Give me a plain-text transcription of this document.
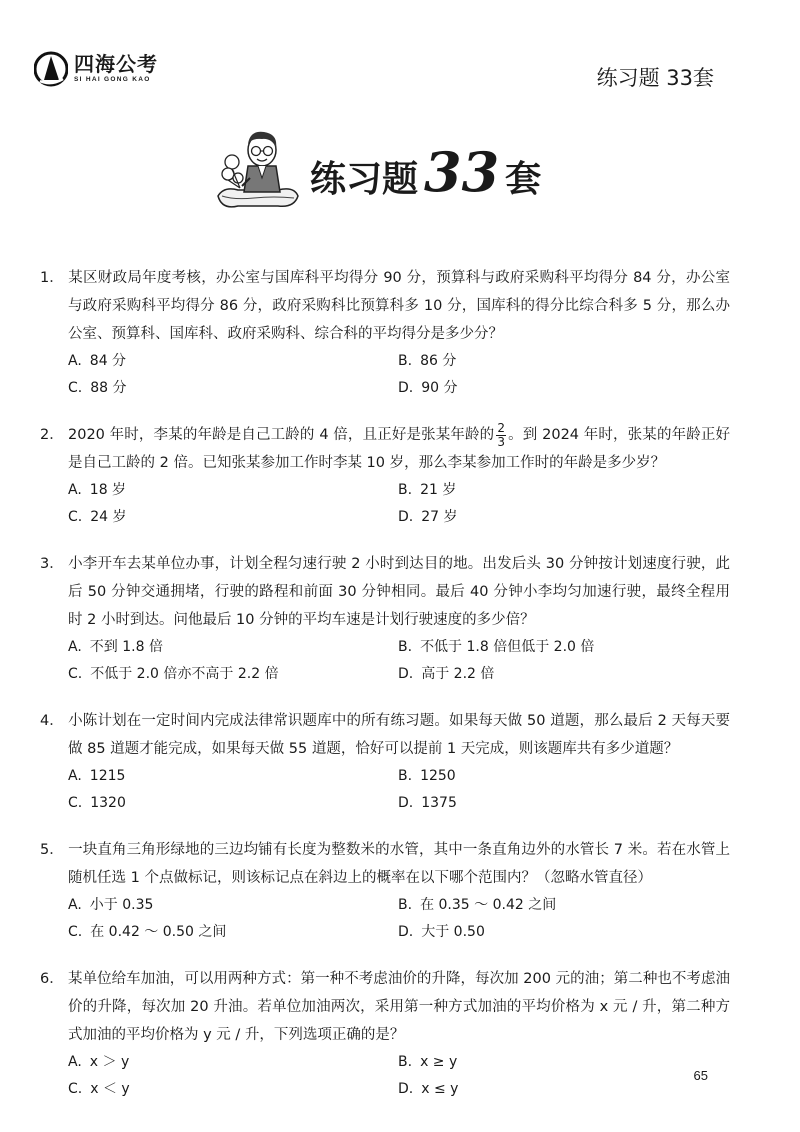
四海公考
SI HAI GONG KAO	练习题 33套
练习题 33 套
1． 某区财政局年度考核，办公室与国库科平均得分 90 分，预算科与政府采购科平均得分 84 分，办公室与政府采购科平均得分 86 分，政府采购科比预算科多 10 分，国库科的得分比综合科多 5 分，那么办公室、预算科、国库科、政府采购科、综合科的平均得分是多少分？
A. 84 分	B. 86 分
C. 88 分	D. 90 分
2． 2020 年时，李某的年龄是自己工龄的 4 倍，且正好是张某年龄的 $\frac{2}{3}$ 。到 2024 年时，张某的年龄正好是自己工龄的 2 倍。已知张某参加工作时李某 10 岁，那么李某参加工作时的年龄是多少岁？
A. 18 岁	B. 21 岁
C. 24 岁	D. 27 岁
3． 小李开车去某单位办事，计划全程匀速行驶 2 小时到达目的地。出发后头 30 分钟按计划速度行驶，此后 50 分钟交通拥堵，行驶的路程和前面 30 分钟相同。最后 40 分钟小李均匀加速行驶，最终全程用时 2 小时到达。问他最后 10 分钟的平均车速是计划行驶速度的多少倍？
A. 不到 1.8 倍	B. 不低于 1.8 倍但低于 2.0 倍
C. 不低于 2.0 倍亦不高于 2.2 倍	D. 高于 2.2 倍
4． 小陈计划在一定时间内完成法律常识题库中的所有练习题。如果每天做 50 道题，那么最后 2 天每天要做 85 道题才能完成，如果每天做 55 道题，恰好可以提前 1 天完成，则该题库共有多少道题？
A. 1215	B. 1250
C. 1320	D. 1375
5． 一块直角三角形绿地的三边均铺有长度为整数米的水管，其中一条直角边外的水管长 7 米。若在水管上随机任选 1 个点做标记，则该标记点在斜边上的概率在以下哪个范围内？（忽略水管直径）
A. 小于 0.35	B. 在 0.35 ～ 0.42 之间
C. 在 0.42 ～ 0.50 之间	D. 大于 0.50
6． 某单位给车加油，可以用两种方式：第一种不考虑油价的升降，每次加 200 元的油；第二种也不考虑油价的升降，每次加 20 升油。若单位加油两次，采用第一种方式加油的平均价格为 x 元 / 升，第二种方式加油的平均价格为 y 元 / 升，下列选项正确的是？
A. x ＞ y	B. x ≥ y
C. x ＜ y	D. x ≤ y
65
